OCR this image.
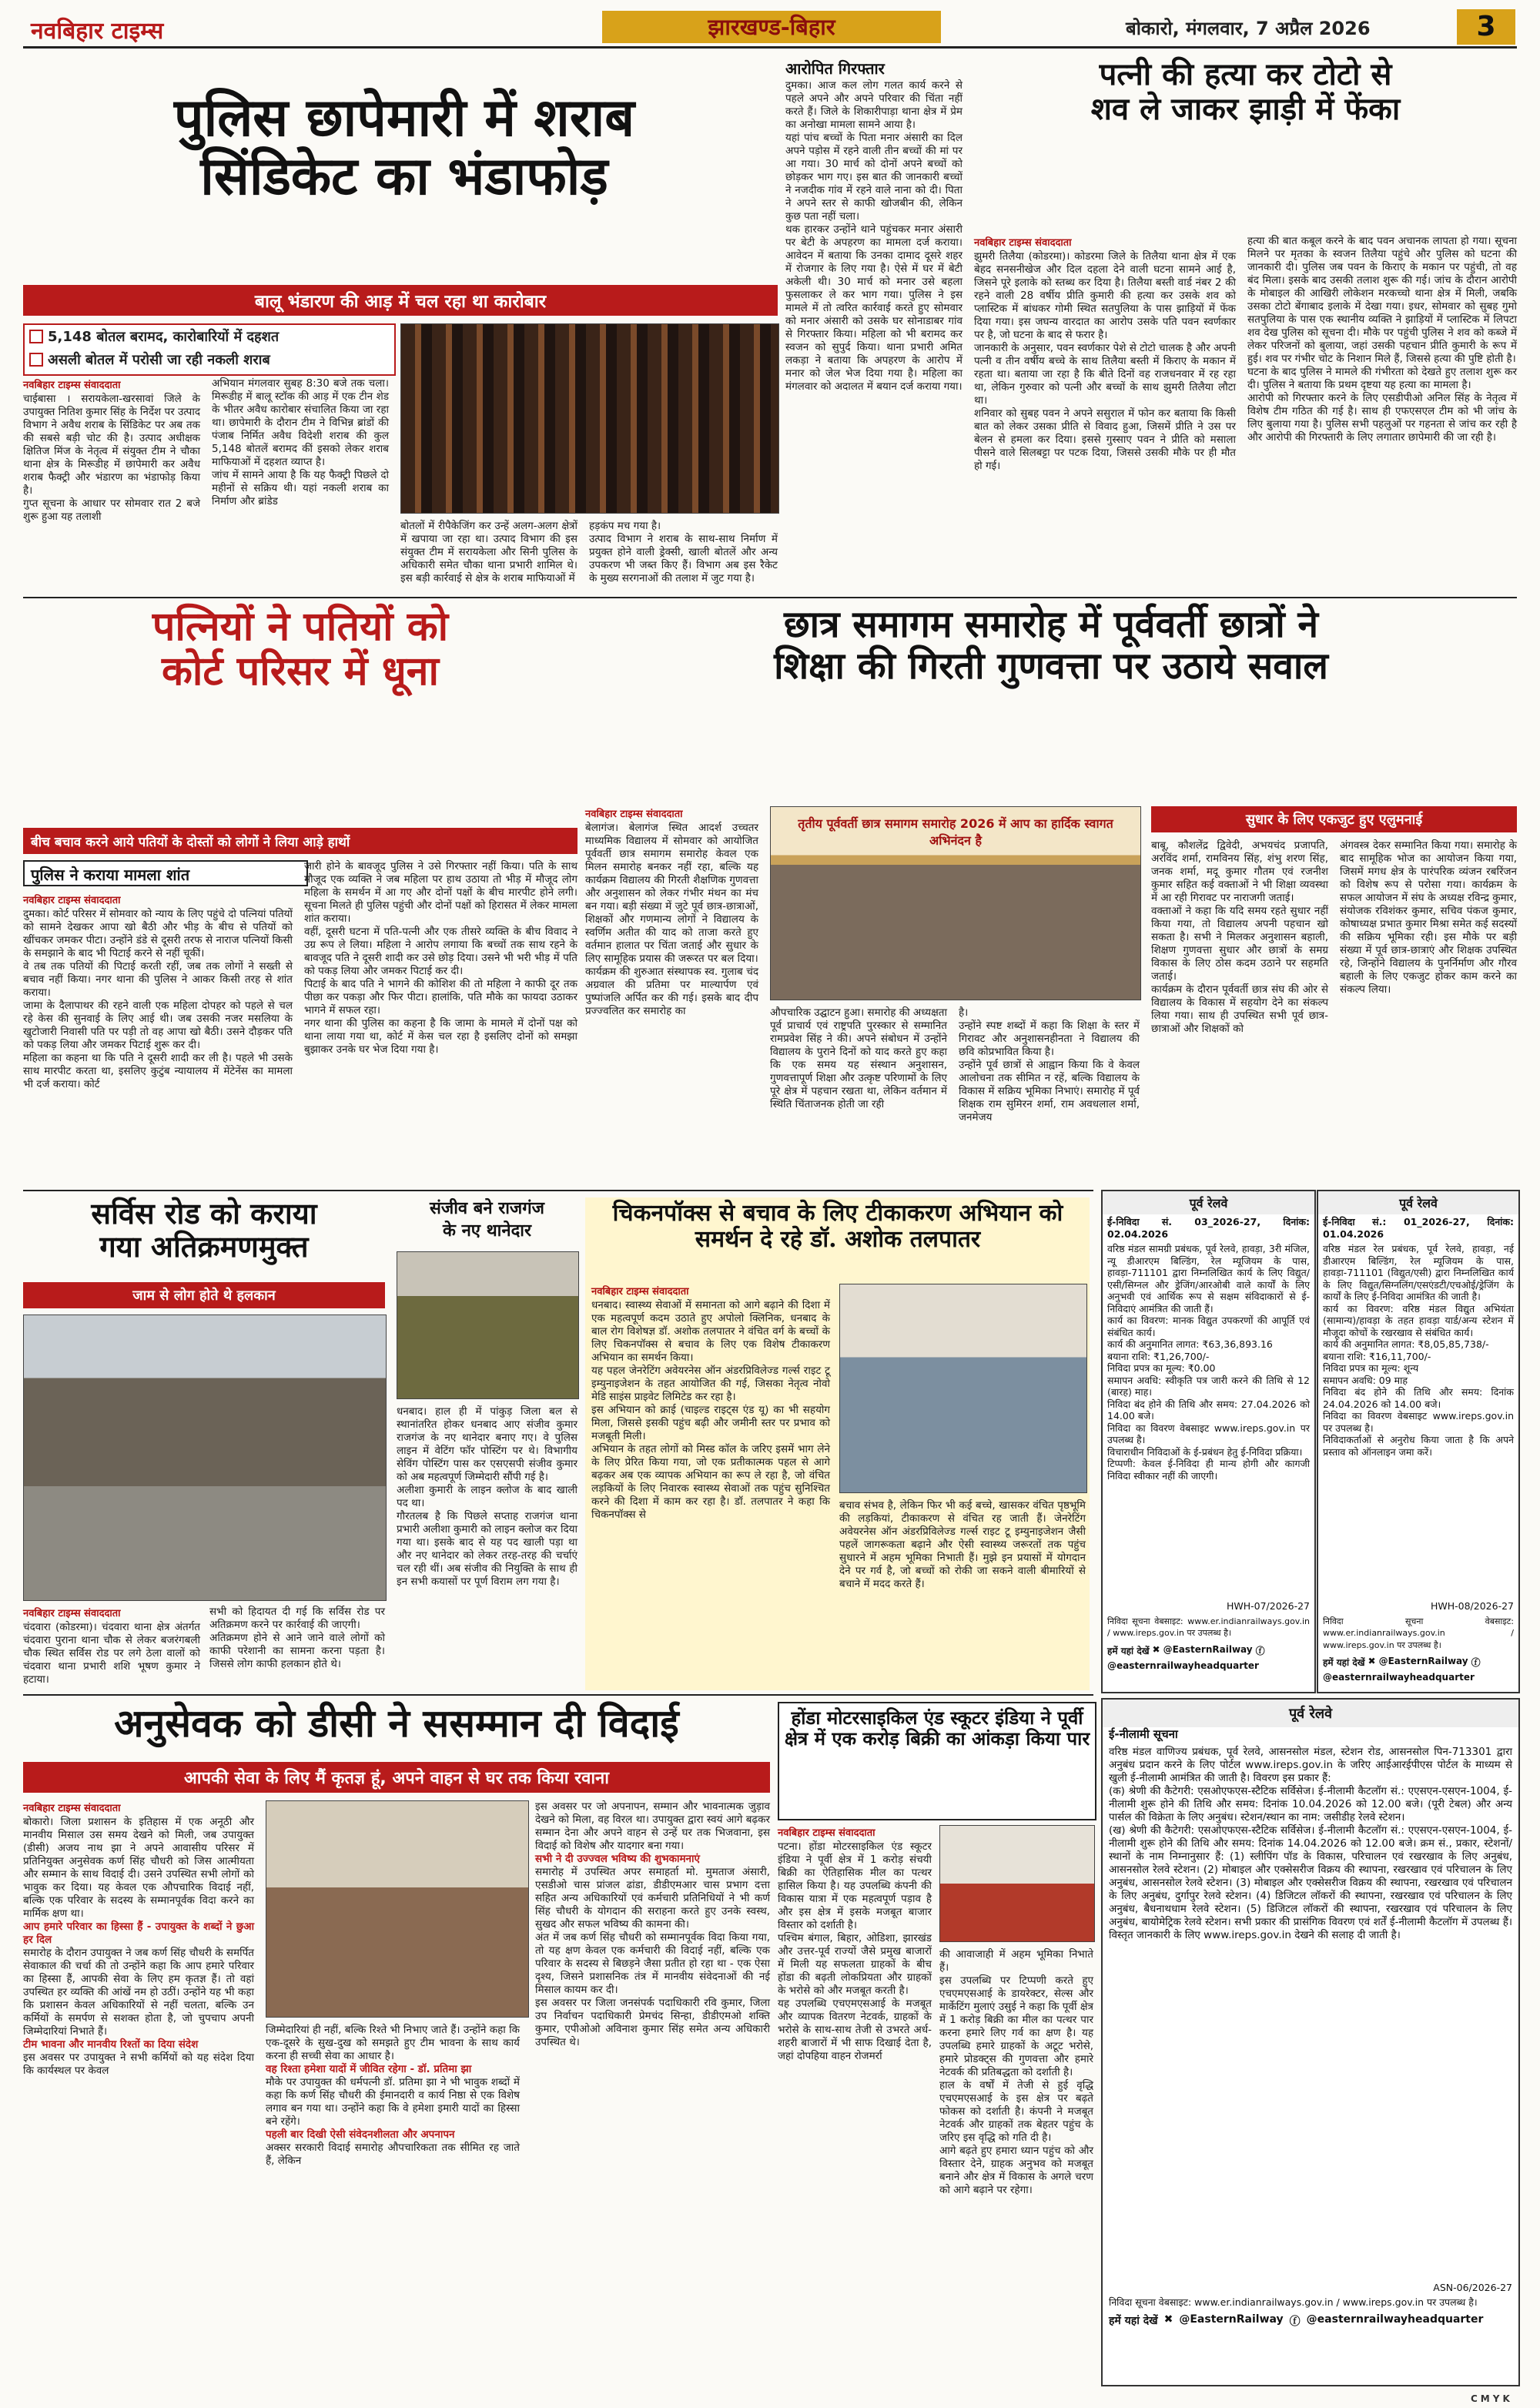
नवबिहार टाइम्स	झारखण्ड-बिहार	बोकारो, मंगलवार, 7 अप्रैल 2026	3
पुलिस छापेमारी में शराब
सिंडिकेट का भंडाफोड़
बालू भंडारण की आड़ में चल रहा था कारोबार
5,148 बोतल बरामद, कारोबारियों में दहशत
असली बोतल में परोसी जा रही नकली शराब
नवबिहार टाइम्स संवाददाता
चाईबासा । सरायकेला-खरसावां जिले के उपायुक्त नितिश कुमार सिंह के निर्देश पर उत्पाद विभाग ने अवैध शराब के सिंडिकेट पर अब तक की सबसे बड़ी चोट की है। उत्पाद अधीक्षक क्षितिज मिंज के नेतृत्व में संयुक्त टीम ने चौका थाना क्षेत्र के मिरूडीह में छापेमारी कर अवैध शराब फैक्ट्री और भंडारण का भंडाफोड़ किया है।
गुप्त सूचना के आधार पर सोमवार रात 2 बजे शुरू हुआ यह तलाशी
अभियान मंगलवार सुबह 8:30 बजे तक चला। मिरूडीह में बालू स्टॉक की आड़ में एक टीन शेड के भीतर अवैध कारोबार संचालित किया जा रहा था। छापेमारी के दौरान टीम ने विभिन्न ब्रांडों की पंजाब निर्मित अवैध विदेशी शराब की कुल 5,148 बोतलें बरामद कीं इसको लेकर शराब माफियाओं में दहशत व्याप्त है।
जांच में सामने आया है कि यह फैक्ट्री पिछले दो महीनों से सक्रिय थी। यहां नकली शराब का निर्माण और ब्रांडेड
बोतलों में रीपैकेजिंग कर उन्हें अलग-अलग क्षेत्रों में खपाया जा रहा था। उत्पाद विभाग की इस संयुक्त टीम में सरायकेला और सिनी पुलिस के अधिकारी समेत चौका थाना प्रभारी शामिल थे। इस बड़ी कार्रवाई से क्षेत्र के शराब माफियाओं में
हड़कंप मच गया है।
उत्पाद विभाग ने शराब के साथ-साथ निर्माण में प्रयुक्त होने वाली ड्रेक्सी, खाली बोतलें और अन्य उपकरण भी जब्त किए हैं। विभाग अब इस रैकेट के मुख्य सरगनाओं की तलाश में जुट गया है।
आरोपित गिरफ्तार
दुमका। आज कल लोग गलत कार्य करने से पहले अपने और अपने परिवार की चिंता नहीं करते हैं। जिले के शिकारीपाड़ा थाना क्षेत्र में प्रेम का अनोखा मामला सामने आया है।
यहां पांच बच्चों के पिता मनार अंसारी का दिल अपने पड़ोस में रहने वाली तीन बच्चों की मां पर आ गया। 30 मार्च को दोनों अपने बच्चों को छोड़कर भाग गए। इस बात की जानकारी बच्चों ने नजदीक गांव में रहने वाले नाना को दी। पिता ने अपने स्तर से काफी खोजबीन की, लेकिन कुछ पता नहीं चला।
थक हारकर उन्होंने थाने पहुंचकर मनार अंसारी पर बेटी के अपहरण का मामला दर्ज कराया। आवेदन में बताया कि उनका दामाद दूसरे शहर में रोजगार के लिए गया है। ऐसे में घर में बेटी अकेली थी। 30 मार्च को मनार उसे बहला फुसलाकर ले कर भाग गया। पुलिस ने इस मामले में तो त्वरित कार्रवाई करते हुए सोमवार को मनार अंसारी को उसके घर सोनाडाबर गांव से गिरफ्तार किया। महिला को भी बरामद कर स्वजन को सुपुर्द किया। थाना प्रभारी अमित लकड़ा ने बताया कि अपहरण के आरोप में मनार को जेल भेज दिया गया है। महिला का मंगलवार को अदालत में बयान दर्ज कराया गया।
पत्नी की हत्या कर टोटो से
शव ले जाकर झाड़ी में फेंका
नवबिहार टाइम्स संवाददाता
झुमरी तिलैया (कोडरमा)। कोडरमा जिले के तिलैया थाना क्षेत्र में एक बेहद सनसनीखेज और दिल दहला देने वाली घटना सामने आई है, जिसने पूरे इलाके को स्तब्ध कर दिया है। तिलैया बस्ती वार्ड नंबर 2 की रहने वाली 28 वर्षीय प्रीति कुमारी की हत्या कर उसके शव को प्लास्टिक में बांधकर गोमी स्थित सतपुलिया के पास झाड़ियों में फेंक दिया गया। इस जघन्य वारदात का आरोप उसके पति पवन स्वर्णकार पर है, जो घटना के बाद से फरार है।
जानकारी के अनुसार, पवन स्वर्णकार पेशे से टोटो चालक है और अपनी पत्नी व तीन वर्षीय बच्चे के साथ तिलैया बस्ती में किराए के मकान में रहता था। बताया जा रहा है कि बीते दिनों वह राजधनवार में रह रहा था, लेकिन गुरुवार को पत्नी और बच्चों के साथ झुमरी तिलैया लौटा था।
शनिवार को सुबह पवन ने अपने ससुराल में फोन कर बताया कि किसी बात को लेकर उसका प्रीति से विवाद हुआ, जिसमें प्रीति ने उस पर बेलन से हमला कर दिया। इससे गुस्साए पवन ने प्रीति को मसाला पीसने वाले सिलबट्टा पर पटक दिया, जिससे उसकी मौके पर ही मौत हो गई।
हत्या की बात कबूल करने के बाद पवन अचानक लापता हो गया। सूचना मिलने पर मृतका के स्वजन तिलैया पहुंचे और पुलिस को घटना की जानकारी दी। पुलिस जब पवन के किराए के मकान पर पहुंची, तो वह बंद मिला। इसके बाद उसकी तलाश शुरू की गई। जांच के दौरान आरोपी के मोबाइल की आखिरी लोकेशन मरकच्चो थाना क्षेत्र में मिली, जबकि उसका टोटो बेंगाबाद इलाके में देखा गया। इधर, सोमवार को सुबह गुमो सतपुलिया के पास एक स्थानीय व्यक्ति ने झाड़ियों में प्लास्टिक में लिपटा शव देख पुलिस को सूचना दी। मौके पर पहुंची पुलिस ने शव को कब्जे में लेकर परिजनों को बुलाया, जहां उसकी पहचान प्रीति कुमारी के रूप में हुई। शव पर गंभीर चोट के निशान मिले हैं, जिससे हत्या की पुष्टि होती है।
घटना के बाद पुलिस ने मामले की गंभीरता को देखते हुए तलाश शुरू कर दी। पुलिस ने बताया कि प्रथम दृष्टया यह हत्या का मामला है।
आरोपी को गिरफ्तार करने के लिए एसडीपीओ अनिल सिंह के नेतृत्व में विशेष टीम गठित की गई है। साथ ही एफएसएल टीम को भी जांच के लिए बुलाया गया है। पुलिस सभी पहलुओं पर गहनता से जांच कर रही है और आरोपी की गिरफ्तारी के लिए लगातार छापेमारी की जा रही है।
पत्नियों ने पतियों को
कोर्ट परिसर में धूना
बीच बचाव करने आये पतियों के दोस्तों को लोगों ने लिया आड़े हाथों
पुलिस ने कराया मामला शांत
नवबिहार टाइम्स संवाददाता
दुमका। कोर्ट परिसर में सोमवार को न्याय के लिए पहुंचे दो पत्नियां पतियों को सामने देखकर आपा खो बैठी और भीड़ के बीच से पतियों को खींचकर जमकर पीटा। उन्होंने डंडे से दूसरी तरफ से नाराज पत्नियों किसी के समझाने के बाद भी पिटाई करने से नहीं चूकीं।
वे तब तक पतियों की पिटाई करती रहीं, जब तक लोगों ने सख्ती से बचाव नहीं किया। नगर थाना की पुलिस ने आकर किसी तरह से शांत कराया।
जामा के दैलापाथर की रहने वाली एक महिला दोपहर को पहले से चल रहे केस की सुनवाई के लिए आई थी। जब उसकी नजर मसलिया के खुटोजारी निवासी पति पर पड़ी तो वह आपा खो बैठी। उसने दौड़कर पति को पकड़ लिया और जमकर पिटाई शुरू कर दी।
महिला का कहना था कि पति ने दूसरी शादी कर ली है। पहले भी उसके साथ मारपीट करता था, इसलिए कुटुंब न्यायालय में मेंटेनेंस का मामला भी दर्ज कराया। कोर्ट
जारी होने के बावजूद पुलिस ने उसे गिरफ्तार नहीं किया। पति के साथ मौजूद एक व्यक्ति ने जब महिला पर हाथ उठाया तो भीड़ में मौजूद लोग महिला के समर्थन में आ गए और दोनों पक्षों के बीच मारपीट होने लगी। सूचना मिलते ही पुलिस पहुंची और दोनों पक्षों को हिरासत में लेकर मामला शांत कराया।
वहीं, दूसरी घटना में पति-पत्नी और एक तीसरे व्यक्ति के बीच विवाद ने उग्र रूप ले लिया। महिला ने आरोप लगाया कि बच्चों तक साथ रहने के बावजूद पति ने दूसरी शादी कर उसे छोड़ दिया। उसने भी भरी भीड़ में पति को पकड़ लिया और जमकर पिटाई कर दी।
पिटाई के बाद पति ने भागने की कोशिश की तो महिला ने काफी दूर तक पीछा कर पकड़ा और फिर पीटा। हालांकि, पति मौके का फायदा उठाकर भागने में सफल रहा।
नगर थाना की पुलिस का कहना है कि जामा के मामले में दोनों पक्ष को थाना लाया गया था, कोर्ट में केस चल रहा है इसलिए दोनों को समझा बुझाकर उनके घर भेज दिया गया है।
छात्र समागम समारोह में पूर्ववर्ती छात्रों ने
शिक्षा की गिरती गुणवत्ता पर उठाये सवाल
नवबिहार टाइम्स संवाददाता
बेलागंज। बेलागंज स्थित आदर्श उच्चतर माध्यमिक विद्यालय में सोमवार को आयोजित पूर्ववर्ती छात्र समागम समारोह केवल एक मिलन समारोह बनकर नहीं रहा, बल्कि यह कार्यक्रम विद्यालय की गिरती शैक्षणिक गुणवत्ता और अनुशासन को लेकर गंभीर मंथन का मंच बन गया। बड़ी संख्या में जुटे पूर्व छात्र-छात्राओं, शिक्षकों और गणमान्य लोगों ने विद्यालय के स्वर्णिम अतीत की याद को ताजा करते हुए वर्तमान हालात पर चिंता जताई और सुधार के लिए सामूहिक प्रयास की जरूरत पर बल दिया।
कार्यक्रम की शुरुआत संस्थापक स्व. गुलाब चंद अग्रवाल की प्रतिमा पर माल्यार्पण एवं पुष्पांजलि अर्पित कर की गई। इसके बाद दीप प्रज्ज्वलित कर समारोह का
तृतीय पूर्ववर्ती छात्र समागम समारोह 2026 में आप का हार्दिक स्वागत अभिनंदन है
औपचारिक उद्घाटन हुआ। समारोह की अध्यक्षता पूर्व प्राचार्य एवं राष्ट्रपति पुरस्कार से सम्मानित रामप्रवेश सिंह ने की। अपने संबोधन में उन्होंने विद्यालय के पुराने दिनों को याद करते हुए कहा कि एक समय यह संस्थान अनुशासन, गुणवत्तापूर्ण शिक्षा और उत्कृष्ट परिणामों के लिए पूरे क्षेत्र में पहचान रखता था, लेकिन वर्तमान में स्थिति चिंताजनक होती जा रही
है।
उन्होंने स्पष्ट शब्दों में कहा कि शिक्षा के स्तर में गिरावट और अनुशासनहीनता ने विद्यालय की छवि कोप्रभावित किया है।
उन्होंने पूर्व छात्रों से आह्वान किया कि वे केवल आलोचना तक सीमित न रहें, बल्कि विद्यालय के विकास में सक्रिय भूमिका निभाएं। समारोह में पूर्व शिक्षक राम सुमिरन शर्मा, राम अवधलाल शर्मा, जनमेजय
सुधार के लिए एकजुट हुए एलुमनाई
बाबू, कौशलेंद्र द्विवेदी, अभयचंद प्रजापति, अरविंद शर्मा, रामविनय सिंह, शंभु शरण सिंह, जनक शर्मा, मदू कुमार गौतम एवं रजनीश कुमार सहित कई वक्ताओं ने भी शिक्षा व्यवस्था में आ रही गिरावट पर नाराजगी जताई।
वक्ताओं ने कहा कि यदि समय रहते सुधार नहीं किया गया, तो विद्यालय अपनी पहचान खो सकता है। सभी ने मिलकर अनुशासन बहाली, शिक्षण गुणवत्ता सुधार और छात्रों के समग्र विकास के लिए ठोस कदम उठाने पर सहमति जताई।
कार्यक्रम के दौरान पूर्ववर्ती छात्र संघ की ओर से विद्यालय के विकास में सहयोग देने का संकल्प लिया गया। साथ ही उपस्थित सभी पूर्व छात्र-छात्राओं और शिक्षकों को
अंगवस्त्र देकर सम्मानित किया गया। समारोह के बाद सामूहिक भोज का आयोजन किया गया, जिसमें मगध क्षेत्र के पारंपरिक व्यंजन रबरिंजन को विशेष रूप से परोसा गया। कार्यक्रम के सफल आयोजन में संघ के अध्यक्ष रविन्द्र कुमार, संयोजक रविशंकर कुमार, सचिव पंकज कुमार, कोषाध्यक्ष प्रभात कुमार मिश्रा समेत कई सदस्यों की सक्रिय भूमिका रही। इस मौके पर बड़ी संख्या में पूर्व छात्र-छात्राएं और शिक्षक उपस्थित रहे, जिन्होंने विद्यालय के पुनर्निर्माण और गौरव बहाली के लिए एकजुट होकर काम करने का संकल्प लिया।
सर्विस रोड को कराया
गया अतिक्रमणमुक्त
जाम से लोग होते थे हलकान
नवबिहार टाइम्स संवाददाता
चंदवारा (कोडरमा)। चंदवारा थाना क्षेत्र अंतर्गत चंदवारा पुराना थाना चौक से लेकर बजरंगबली चौक स्थित सर्विस रोड पर लगे ठेला वालों को चंदवारा थाना प्रभारी शशि भूषण कुमार ने हटाया।
सभी को हिदायत दी गई कि सर्विस रोड पर अतिक्रमण करने पर कार्रवाई की जाएगी।
अतिक्रमण होने से आने जाने वाले लोगों को काफी परेशानी का सामना करना पड़ता है। जिससे लोग काफी हलकान होते थे।
संजीव बने राजगंज
के नए थानेदार
धनबाद। हाल ही में पांकुड़ जिला बल से स्थानांतरित होकर धनबाद आए संजीव कुमार राजगंज के नए थानेदार बनाए गए। वे पुलिस लाइन में वेटिंग फॉर पोस्टिंग पर थे। विभागीय सेविंग पोस्टिंग पास कर एसएसपी संजीव कुमार को अब महत्वपूर्ण जिम्मेदारी सौंपी गई है।
अलीशा कुमारी के लाइन क्लोज के बाद खाली पद था।
गौरतलब है कि पिछले सप्ताह राजगंज थाना प्रभारी अलीशा कुमारी को लाइन क्लोज कर दिया गया था। इसके बाद से यह पद खाली पड़ा था और नए थानेदार को लेकर तरह-तरह की चर्चाएं चल रही थीं। अब संजीव की नियुक्ति के साथ ही इन सभी कयासों पर पूर्ण विराम लग गया है।
चिकनपॉक्स से बचाव के लिए टीकाकरण अभियान को समर्थन दे रहे डॉ. अशोक तलपातर
नवबिहार टाइम्स संवाददाता
धनबाद। स्वास्थ्य सेवाओं में समानता को आगे बढ़ाने की दिशा में एक महत्वपूर्ण कदम उठाते हुए अपोलो क्लिनिक, धनबाद के बाल रोग विशेषज्ञ डॉ. अशोक तलपातर ने वंचित वर्ग के बच्चों के लिए चिकनपॉक्स से बचाव के लिए एक विशेष टीकाकरण अभियान का समर्थन किया।
यह पहल जेनरेटिंग अवेयरनेस ऑन अंडरप्रिविलेज्ड गर्ल्स राइट टू इम्युनाइजेशन के तहत आयोजित की गई, जिसका नेतृत्व नोवो मेडि साइंस प्राइवेट लिमिटेड कर रहा है।
इस अभियान को क्राई (चाइल्ड राइट्स एंड यू) का भी सहयोग मिला, जिससे इसकी पहुंच बढ़ी और जमीनी स्तर पर प्रभाव को मजबूती मिली।
अभियान के तहत लोगों को मिस्ड कॉल के जरिए इसमें भाग लेने के लिए प्रेरित किया गया, जो एक प्रतीकात्मक पहल से आगे बढ़कर अब एक व्यापक अभियान का रूप ले रहा है, जो वंचित लड़कियों के लिए निवारक स्वास्थ्य सेवाओं तक पहुंच सुनिश्चित करने की दिशा में काम कर रहा है। डॉ. तलपातर ने कहा कि चिकनपॉक्स से
बचाव संभव है, लेकिन फिर भी कई बच्चे, खासकर वंचित पृष्ठभूमि की लड़कियां, टीकाकरण से वंचित रह जाती हैं। जेनरेटिंग अवेयरनेस ऑन अंडरप्रिविलेज्ड गर्ल्स राइट टू इम्युनाइजेशन जैसी पहलें जागरूकता बढ़ाने और ऐसी स्वास्थ्य जरूरतों तक पहुंच सुधारने में अहम भूमिका निभाती हैं। मुझे इन प्रयासों में योगदान देने पर गर्व है, जो बच्चों को रोकी जा सकने वाली बीमारियों से बचाने में मदद करते हैं।
अनुसेवक को डीसी ने ससम्मान दी विदाई
आपकी सेवा के लिए मैं कृतज्ञ हूं, अपने वाहन से घर तक किया रवाना
नवबिहार टाइम्स संवाददाता
बोकारो। जिला प्रशासन के इतिहास में एक अनूठी और मानवीय मिसाल उस समय देखने को मिली, जब उपायुक्त (डीसी) अजय नाथ झा ने अपने आवासीय परिसर में प्रतिनियुक्त अनुसेवक कर्ण सिंह चौधरी को जिस आत्मीयता और सम्मान के साथ विदाई दी। उसने उपस्थित सभी लोगों को भावुक कर दिया। यह केवल एक औपचारिक विदाई नहीं, बल्कि एक परिवार के सदस्य के सम्मानपूर्वक विदा करने का मार्मिक क्षण था।
आप हमारे परिवार का हिस्सा हैं - उपायुक्त के शब्दों ने छुआ हर दिल
समारोह के दौरान उपायुक्त ने जब कर्ण सिंह चौधरी के समर्पित सेवाकाल की चर्चा की तो उन्होंने कहा कि आप हमारे परिवार का हिस्सा हैं, आपकी सेवा के लिए हम कृतज्ञ हैं। तो वहां उपस्थित हर व्यक्ति की आंखें नम हो उठीं। उन्होंने यह भी कहा कि प्रशासन केवल अधिकारियों से नहीं चलता, बल्कि उन कर्मियों के समर्पण से सशक्त होता है, जो चुपचाप अपनी जिम्मेदारियां निभाते हैं।
टीम भावना और मानवीय रिश्तों का दिया संदेश
इस अवसर पर उपायुक्त ने सभी कर्मियों को यह संदेश दिया कि कार्यस्थल पर केवल
जिम्मेदारियां ही नहीं, बल्कि रिश्ते भी निभाए जाते हैं। उन्होंने कहा कि एक-दूसरे के सुख-दुख को समझते हुए टीम भावना के साथ कार्य करना ही सच्ची सेवा का आधार है।
वह रिश्ता हमेशा यादों में जीवित रहेगा - डॉ. प्रतिमा झा
मौके पर उपायुक्त की धर्मपत्नी डॉ. प्रतिमा झा ने भी भावुक शब्दों में कहा कि कर्ण सिंह चौधरी की ईमानदारी व कार्य निष्ठा से एक विशेष लगाव बन गया था। उन्होंने कहा कि वे हमेशा इमारी यादों का हिस्सा बने रहेंगे।
पहली बार दिखी ऐसी संवेदनशीलता और अपनापन
अक्सर सरकारी विदाई समारोह औपचारिकता तक सीमित रह जाते हैं, लेकिन
इस अवसर पर जो अपनापन, सम्मान और भावनात्मक जुड़ाव देखने को मिला, वह विरल था। उपायुक्त द्वारा स्वयं आगे बढ़कर सम्मान देना और अपने वाहन से उन्हें घर तक भिजवाना, इस विदाई को विशेष और यादगार बना गया।
सभी ने दी उज्ज्वल भविष्य की शुभकामनाएं
समारोह में उपस्थित अपर समाहर्ता मो. मुमताज अंसारी, एसडीओ चास प्रांजल ढांडा, डीडीएमआर चास प्रभाग दत्ता सहित अन्य अधिकारियों एवं कर्मचारी प्रतिनिधियों ने भी कर्ण सिंह चौधरी के योगदान की सराहना करते हुए उनके स्वस्थ, सुखद और सफल भविष्य की कामना की।
अंत में जब कर्ण सिंह चौधरी को सम्मानपूर्वक विदा किया गया, तो यह क्षण केवल एक कर्मचारी की विदाई नहीं, बल्कि एक परिवार के सदस्य से बिछड़ने जैसा प्रतीत हो रहा था - एक ऐसा दृश्य, जिसने प्रशासनिक तंत्र में मानवीय संवेदनाओं की नई मिसाल कायम कर दी।
इस अवसर पर जिला जनसंपर्क पदाधिकारी रवि कुमार, जिला उप निर्वाचन पदाधिकारी प्रेमचंद सिन्हा, डीडीएमओ शक्ति कुमार, एपीओओ अविनाश कुमार सिंह समेत अन्य अधिकारी उपस्थित थे।
होंडा मोटरसाइकिल एंड स्कूटर इंडिया ने पूर्वी क्षेत्र में एक करोड़ बिक्री का आंकड़ा किया पार
नवबिहार टाइम्स संवाददाता
पटना। होंडा मोटरसाइकिल एंड स्कूटर इंडिया ने पूर्वी क्षेत्र में 1 करोड़ संचयी बिक्री का ऐतिहासिक मील का पत्थर हासिल किया है। यह उपलब्धि कंपनी की विकास यात्रा में एक महत्वपूर्ण पड़ाव है और इस क्षेत्र में इसके मजबूत बाजार विस्तार को दर्शाती है।
पश्चिम बंगाल, बिहार, ओडिशा, झारखंड और उत्तर-पूर्व राज्यों जैसे प्रमुख बाजारों में मिली यह सफलता ग्राहकों के बीच होंडा की बढ़ती लोकप्रियता और ग्राहकों के भरोसे को और मजबूत करती है।
यह उपलब्धि एचएमएसआई के मजबूत और व्यापक वितरण नेटवर्क, ग्राहकों के भरोसे के साथ-साथ तेजी से उभरते अर्ध-शहरी बाजारों में भी साफ दिखाई देता है, जहां दोपहिया वाहन रोजमर्रा
की आवाजाही में अहम भूमिका निभाते हैं।
इस उपलब्धि पर टिप्पणी करते हुए एचएमएसआई के डायरेक्टर, सेल्स और मार्केटिंग मुलाएं उसुई ने कहा कि पूर्वी क्षेत्र में 1 करोड़ बिक्री का मील का पत्थर पार करना हमारे लिए गर्व का क्षण है। यह उपलब्धि हमारे ग्राहकों के अटूट भरोसे, हमारे प्रोडक्ट्स की गुणवत्ता और हमारे नेटवर्क की प्रतिबद्धता को दर्शाती है।
हाल के वर्षों में तेजी से हुई वृद्धि एचएमएसआई के इस क्षेत्र पर बढ़ते फोकस को दर्शाती है। कंपनी ने मजबूत नेटवर्क और ग्राहकों तक बेहतर पहुंच के जरिए इस वृद्धि को गति दी है।
आगे बढ़ते हुए हमारा ध्यान पहुंच को और विस्तार देने, ग्राहक अनुभव को मजबूत बनाने और क्षेत्र में विकास के अगले चरण को आगे बढ़ाने पर रहेगा।
पूर्व रेलवे
ई-निविदा सं. 03_2026-27, दिनांक: 02.04.2026
वरिष्ठ मंडल सामग्री प्रबंधक, पूर्व रेलवे, हावड़ा, 3री मंजिल, न्यू डीआरएम बिल्डिंग, रेल म्यूजियम के पास, हावड़ा-711101 द्वारा निम्नलिखित कार्य के लिए विद्युत/एसी/सिग्नल और ड्रेजिंग/आरओबी वाले कार्यों के लिए अनुभवी एवं आर्थिक रूप से सक्षम संविदाकारों से ई-निविदाएं आमंत्रित की जाती हैं।
कार्य का विवरण: मानक विद्युत उपकरणों की आपूर्ति एवं संबंधित कार्य।
कार्य की अनुमानित लागत: ₹63,36,893.16
बयाना राशि: ₹1,26,700/-
निविदा प्रपत्र का मूल्य: ₹0.00
समापन अवधि: स्वीकृति पत्र जारी करने की तिथि से 12 (बारह) माह।
निविदा बंद होने की तिथि और समय: 27.04.2026 को 14.00 बजे।
निविदा का विवरण वेबसाइट www.ireps.gov.in पर उपलब्ध है।
विचाराधीन निविदाओं के ई-प्रबंधन हेतु ई-निविदा प्रक्रिया।
टिप्पणी: केवल ई-निविदा ही मान्य होगी और कागजी निविदा स्वीकार नहीं की जाएगी।
HWH-07/2026-27
निविदा सूचना वेबसाइट: www.er.indianrailways.gov.in / www.ireps.gov.in पर उपलब्ध है।
हमें यहां देखें ✖ @EasternRailway ⓕ
@easternrailwayheadquarter
पूर्व रेलवे
ई-निविदा सं.: 01_2026-27, दिनांक: 01.04.2026
वरिष्ठ मंडल रेल प्रबंधक, पूर्व रेलवे, हावड़ा, नई डीआरएम बिल्डिंग, रेल म्यूजियम के पास, हावड़ा-711101 (विद्युत/एसी) द्वारा निम्नलिखित कार्य के लिए विद्युत/सिग्नलिंग/एसएंडटी/एचओई/ड्रेजिंग के कार्यों के लिए ई-निविदा आमंत्रित की जाती है।
कार्य का विवरण: वरिष्ठ मंडल विद्युत अभियंता (सामान्य)/हावड़ा के तहत हावड़ा यार्ड/अन्य स्टेशन में मौजूदा कोचों के रखरखाव से संबंधित कार्य।
कार्य की अनुमानित लागत: ₹8,05,85,738/-
बयाना राशि: ₹16,11,700/-
निविदा प्रपत्र का मूल्य: शून्य
समापन अवधि: 09 माह
निविदा बंद होने की तिथि और समय: दिनांक 24.04.2026 को 14.00 बजे।
निविदा का विवरण वेबसाइट www.ireps.gov.in पर उपलब्ध है।
निविदाकर्ताओं से अनुरोध किया जाता है कि अपने प्रस्ताव को ऑनलाइन जमा करें।
HWH-08/2026-27
निविदा सूचना वेबसाइट: www.er.indianrailways.gov.in / www.ireps.gov.in पर उपलब्ध है।
हमें यहां देखें ✖ @EasternRailway ⓕ
@easternrailwayheadquarter
पूर्व रेलवे
ई-नीलामी सूचना
वरिष्ठ मंडल वाणिज्य प्रबंधक, पूर्व रेलवे, आसनसोल मंडल, स्टेशन रोड, आसनसोल पिन-713301 द्वारा अनुबंध प्रदान करने के लिए पोर्टल www.ireps.gov.in के जरिए आईआरईपीएस पोर्टल के माध्यम से खुली ई-नीलामी आमंत्रित की जाती है। विवरण इस प्रकार हैं:
(क) श्रेणी की कैटेगरी: एसओएफएस-स्टैटिक सर्विसेज। ई-नीलामी कैटलॉग सं.: एएसएन-एसएन-1004, ई-नीलामी शुरू होने की तिथि और समय: दिनांक 10.04.2026 को 12.00 बजे। (पूरी टेबल) और अन्य पार्सल की विक्रेता के लिए अनुबंध। स्टेशन/स्थान का नाम: जसीडीह रेलवे स्टेशन।
(ख) श्रेणी की कैटेगरी: एसओएफएस-स्टैटिक सर्विसेज। ई-नीलामी कैटलॉग सं.: एएसएन-एसएन-1004, ई-नीलामी शुरू होने की तिथि और समय: दिनांक 14.04.2026 को 12.00 बजे। क्रम सं., प्रकार, स्टेशनों/स्थानों के नाम निम्नानुसार हैं: (1) स्लीपिंग पॉड के विकास, परिचालन एवं रखरखाव के लिए अनुबंध, आसनसोल रेलवे स्टेशन। (2) मोबाइल और एक्सेसरीज विक्रय की स्थापना, रखरखाव एवं परिचालन के लिए अनुबंध, आसनसोल रेलवे स्टेशन। (3) मोबाइल और एक्सेसरीज विक्रय की स्थापना, रखरखाव एवं परिचालन के लिए अनुबंध, दुर्गापुर रेलवे स्टेशन। (4) डिजिटल लॉकरों की स्थापना, रखरखाव एवं परिचालन के लिए अनुबंध, बैधनाथधाम रेलवे स्टेशन। (5) डिजिटल लॉकरों की स्थापना, रखरखाव एवं परिचालन के लिए अनुबंध, बायोमेट्रिक रेलवे स्टेशन। सभी प्रकार की प्रासंगिक विवरण एवं शर्तें ई-नीलामी कैटलॉग में उपलब्ध हैं। विस्तृत जानकारी के लिए www.ireps.gov.in देखने की सलाह दी जाती है।
ASN-06/2026-27
निविदा सूचना वेबसाइट: www.er.indianrailways.gov.in / www.ireps.gov.in पर उपलब्ध है।
हमें यहां देखें ✖ @EasternRailway ⓕ @easternrailwayheadquarter
CMYK
